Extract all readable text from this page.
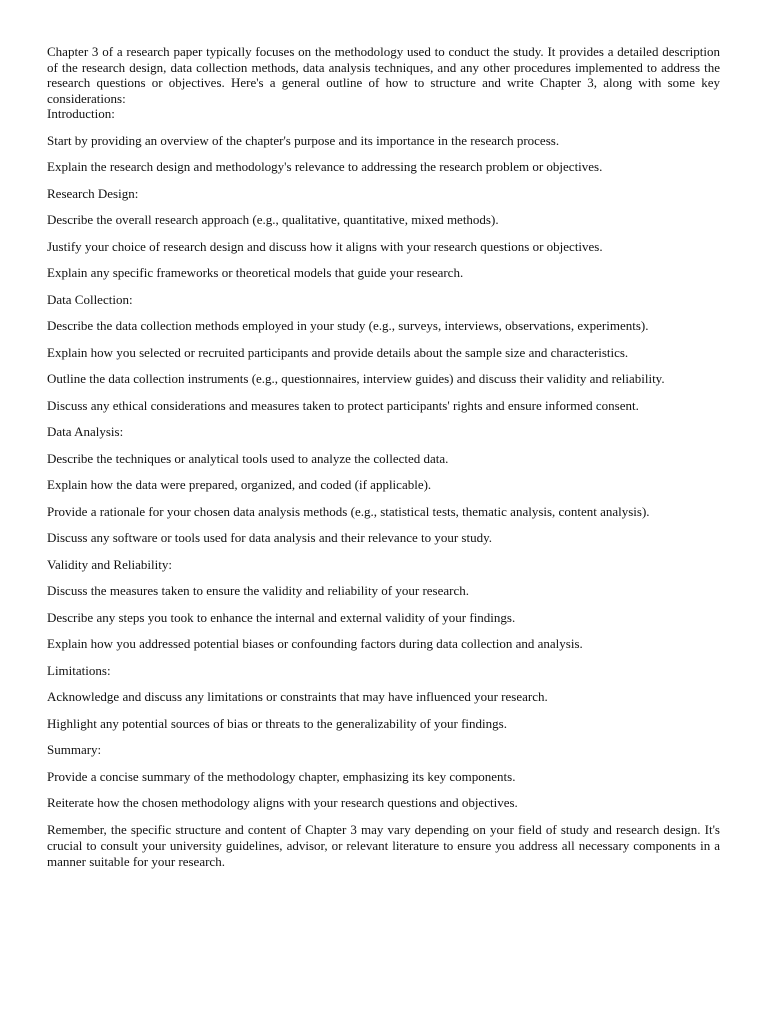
Chapter 3 of a research paper typically focuses on the methodology used to conduct the study. It provides a detailed description of the research design, data collection methods, data analysis techniques, and any other procedures implemented to address the research questions or objectives. Here's a general outline of how to structure and write Chapter 3, along with some key considerations:

Introduction:

Start by providing an overview of the chapter's purpose and its importance in the research process.

Explain the research design and methodology's relevance to addressing the research problem or objectives.

Research Design:

Describe the overall research approach (e.g., qualitative, quantitative, mixed methods).

Justify your choice of research design and discuss how it aligns with your research questions or objectives.

Explain any specific frameworks or theoretical models that guide your research.

Data Collection:

Describe the data collection methods employed in your study (e.g., surveys, interviews, observations, experiments).

Explain how you selected or recruited participants and provide details about the sample size and characteristics.

Outline the data collection instruments (e.g., questionnaires, interview guides) and discuss their validity and reliability.

Discuss any ethical considerations and measures taken to protect participants' rights and ensure informed consent.

Data Analysis:

Describe the techniques or analytical tools used to analyze the collected data.

Explain how the data were prepared, organized, and coded (if applicable).

Provide a rationale for your chosen data analysis methods (e.g., statistical tests, thematic analysis, content analysis).

Discuss any software or tools used for data analysis and their relevance to your study.

Validity and Reliability:

Discuss the measures taken to ensure the validity and reliability of your research.

Describe any steps you took to enhance the internal and external validity of your findings.

Explain how you addressed potential biases or confounding factors during data collection and analysis.

Limitations:

Acknowledge and discuss any limitations or constraints that may have influenced your research.

Highlight any potential sources of bias or threats to the generalizability of your findings.

Summary:

Provide a concise summary of the methodology chapter, emphasizing its key components.

Reiterate how the chosen methodology aligns with your research questions and objectives.

Remember, the specific structure and content of Chapter 3 may vary depending on your field of study and research design. It's crucial to consult your university guidelines, advisor, or relevant literature to ensure you address all necessary components in a manner suitable for your research.
